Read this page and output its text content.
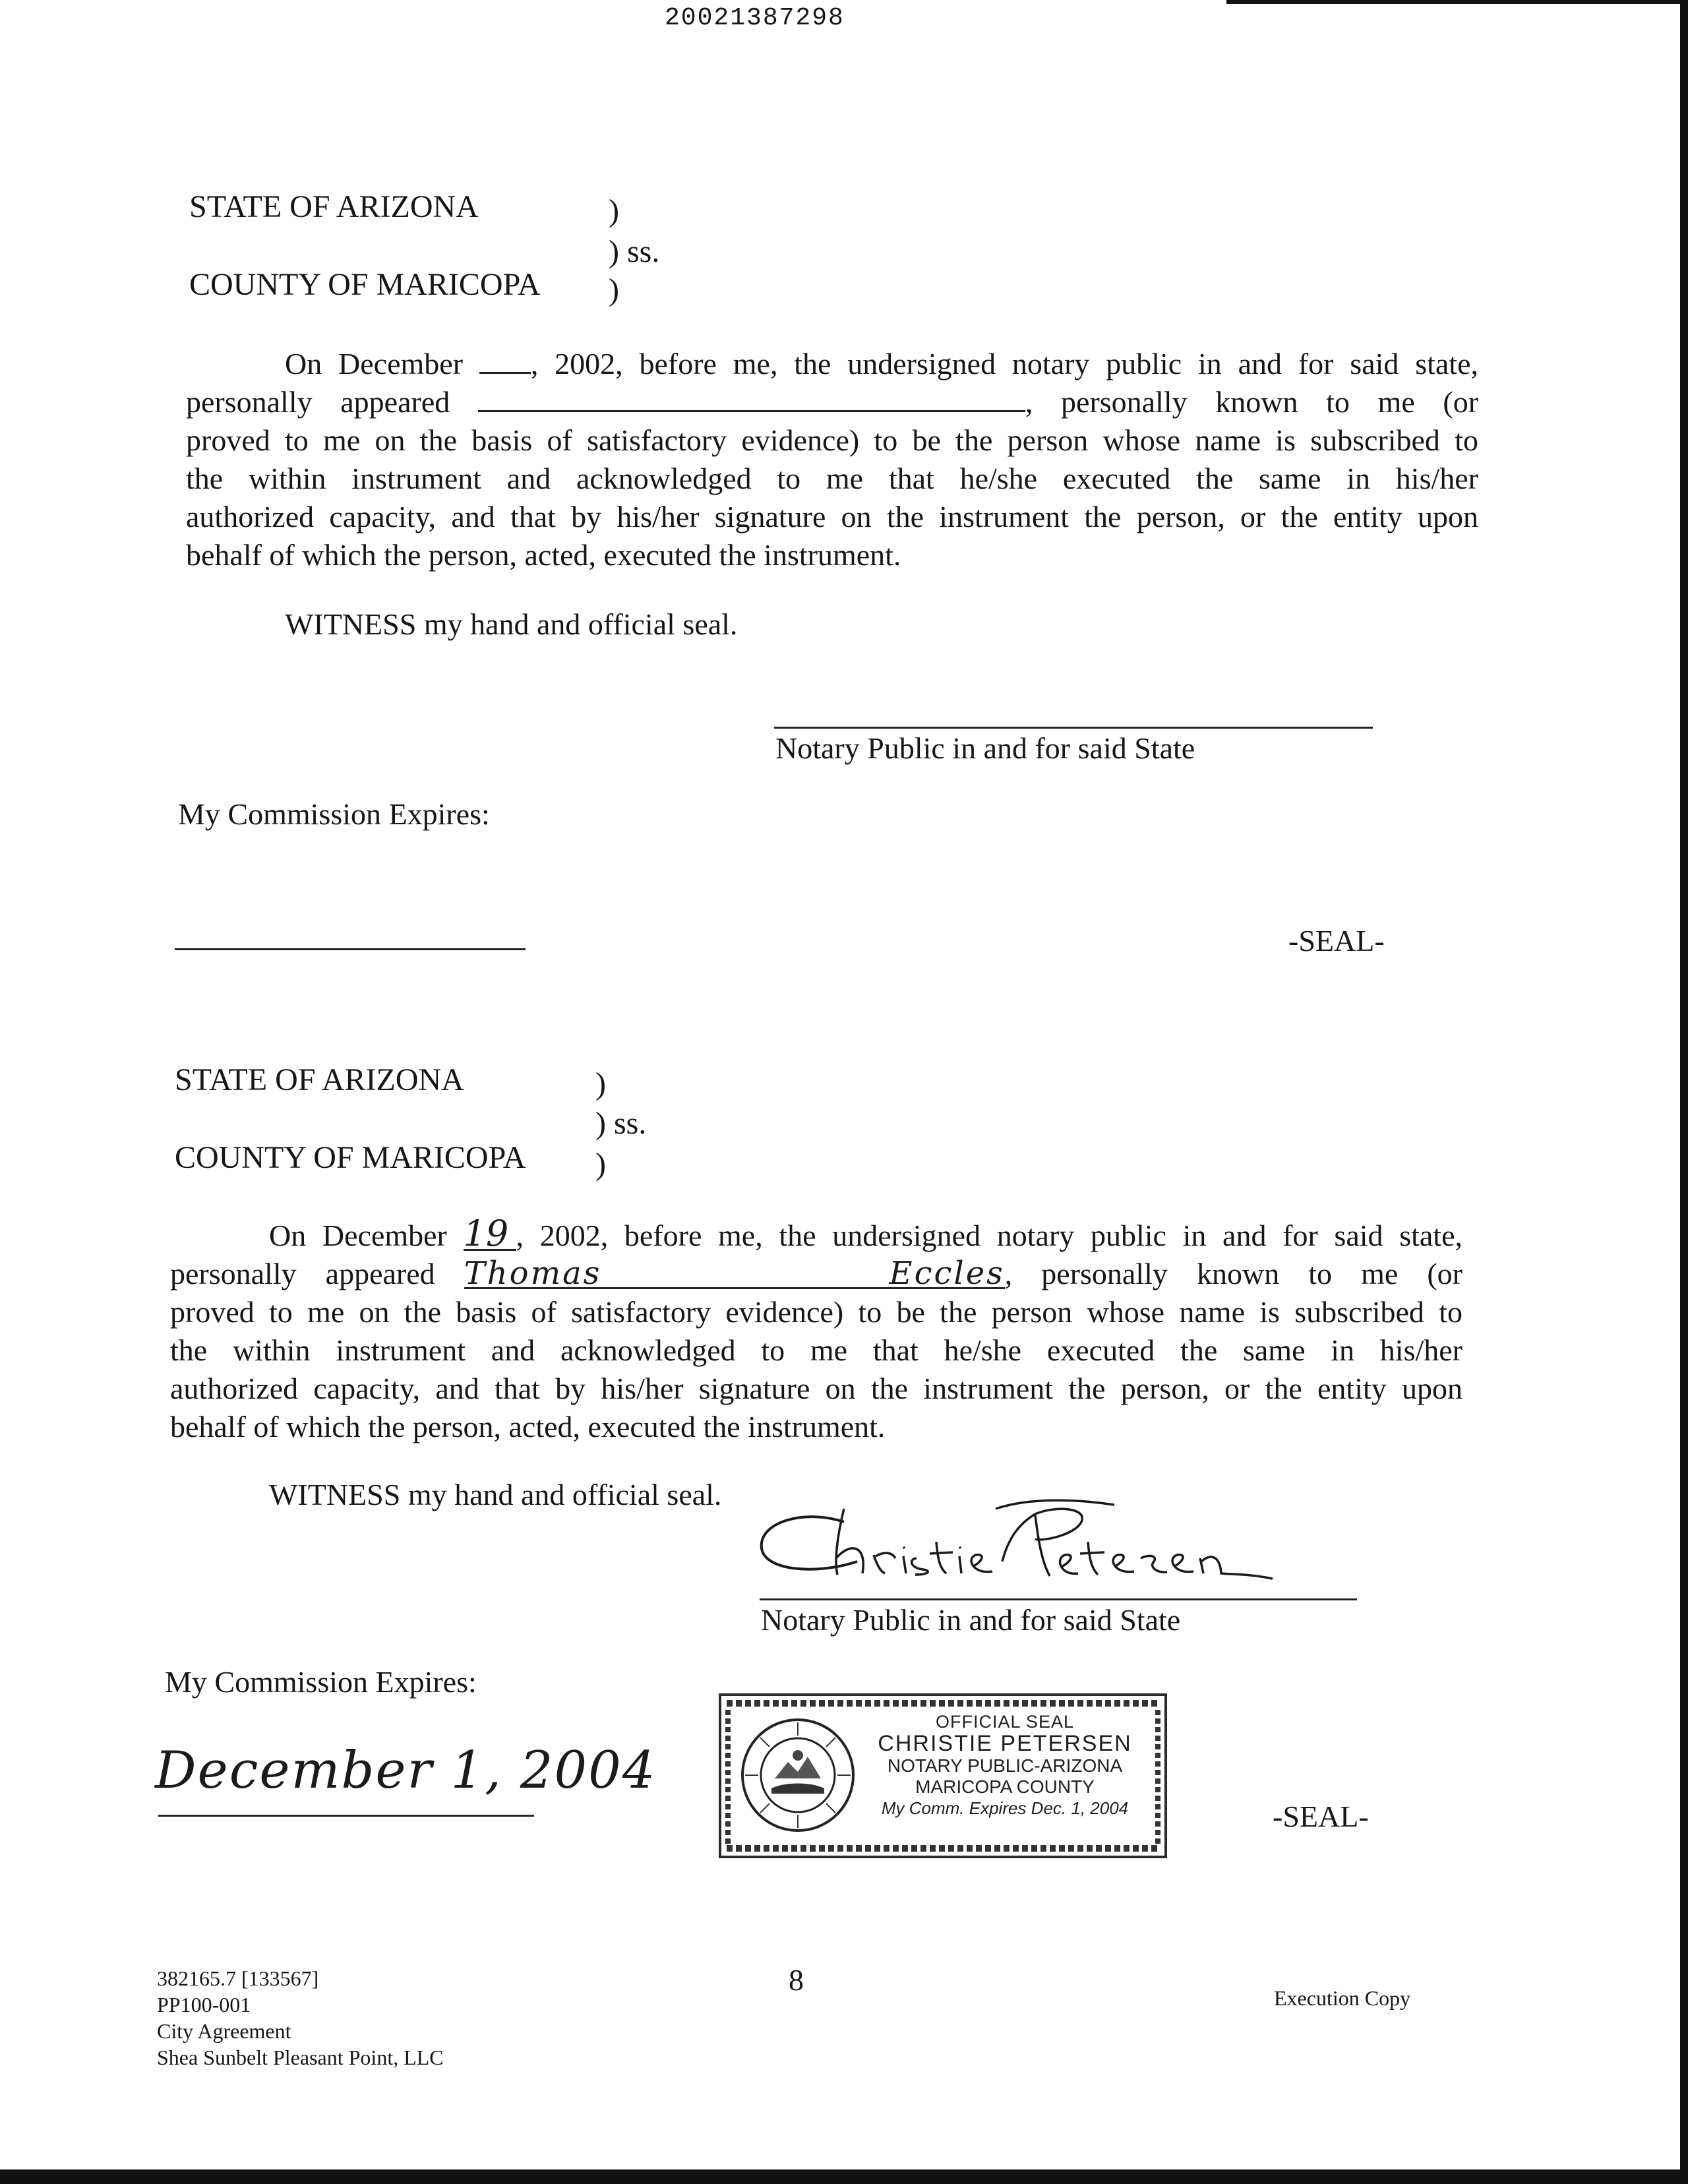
20021387298
STATE OF ARIZONA	)
) ss.
COUNTY OF MARICOPA )
On December , 2002, before me, the undersigned notary public in and for said state,
personally appeared	, personally known to me (or
proved to me on the basis of satisfactory evidence) to be the person whose name is subscribed to
the within instrument and acknowledged to me that he/she executed the same in his/her
authorized capacity, and that by his/her signature on the instrument the person, or the entity upon
behalf of which the person, acted, executed the instrument.
WITNESS my hand and official seal.
Notary Public in and for said State
My Commission Expires:
-SEAL-
STATE OF ARIZONA	)
) ss.
COUNTY OF MARICOPA )
On December 19 , 2002, before me, the undersigned notary public in and for said state,
personally appeared Thomas Eccles, personally known to me (or
proved to me on the basis of satisfactory evidence) to be the person whose name is subscribed to
the within instrument and acknowledged to me that he/she executed the same in his/her
authorized capacity, and that by his/her signature on the instrument the person, or the entity upon
behalf of which the person, acted, executed the instrument.
WITNESS my hand and official seal.
Notary Public in and for said State
My Commission Expires:
December 1, 2004
OFFICIAL SEAL
CHRISTIE PETERSEN
NOTARY PUBLIC-ARIZONA
MARICOPA COUNTY
My Comm. Expires Dec. 1, 2004	-SEAL-
382165.7 [133567]
PP100-001
City Agreement
Shea Sunbelt Pleasant Point, LLC
8
Execution Copy
